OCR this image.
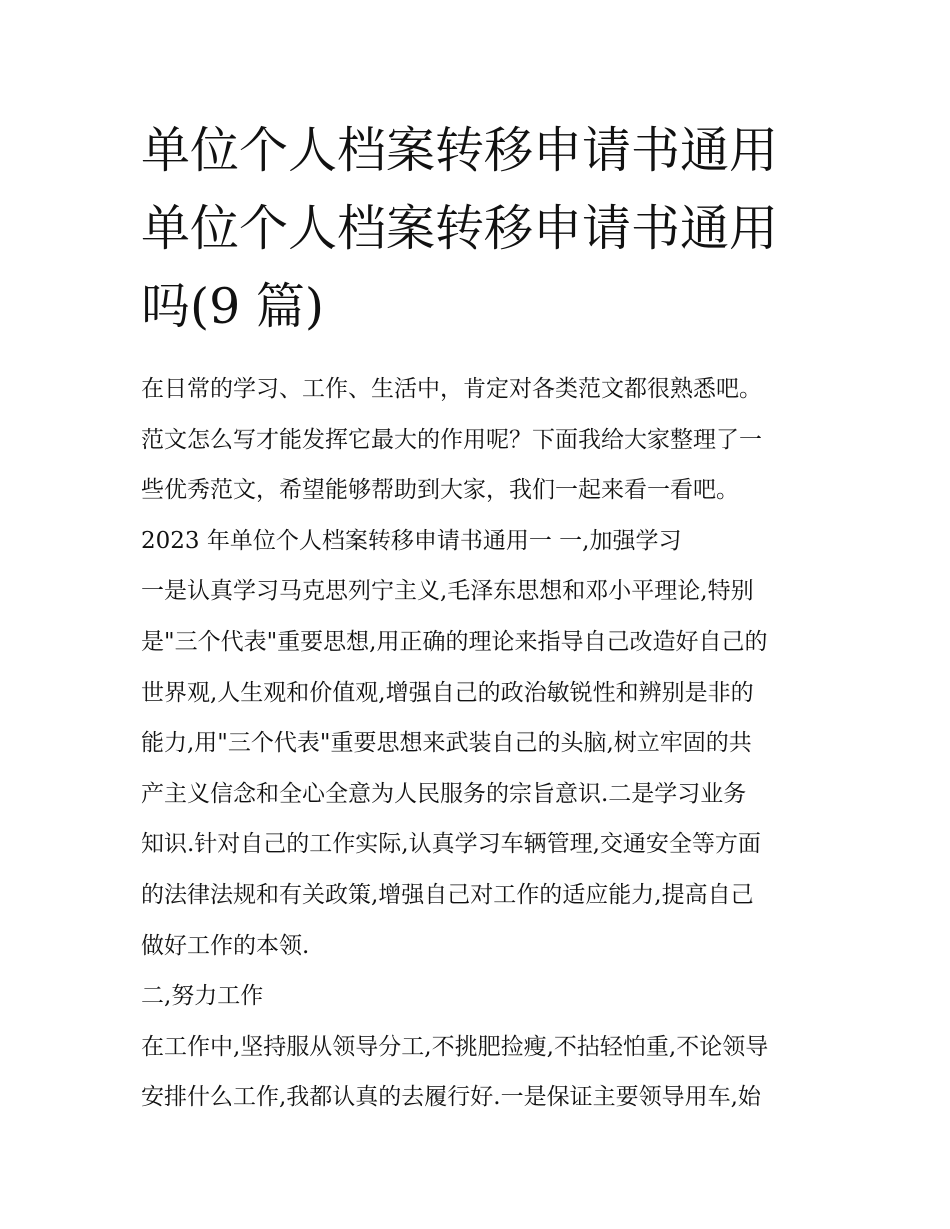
单位个人档案转移申请书通用
单位个人档案转移申请书通用
吗(9 篇)

在日常的学习、工作、生活中，肯定对各类范文都很熟悉吧。
范文怎么写才能发挥它最大的作用呢？下面我给大家整理了一
些优秀范文，希望能够帮助到大家，我们一起来看一看吧。

2023 年单位个人档案转移申请书通用一 一,加强学习

一是认真学习马克思列宁主义,毛泽东思想和邓小平理论,特别
是"三个代表"重要思想,用正确的理论来指导自己改造好自己的
世界观,人生观和价值观,增强自己的政治敏锐性和辨别是非的
能力,用"三个代表"重要思想来武装自己的头脑,树立牢固的共
产主义信念和全心全意为人民服务的宗旨意识.二是学习业务
知识.针对自己的工作实际,认真学习车辆管理,交通安全等方面
的法律法规和有关政策,增强自己对工作的适应能力,提高自己
做好工作的本领.

二,努力工作

在工作中,坚持服从领导分工,不挑肥捡瘦,不拈轻怕重,不论领导
安排什么工作,我都认真的去履行好.一是保证主要领导用车,始
